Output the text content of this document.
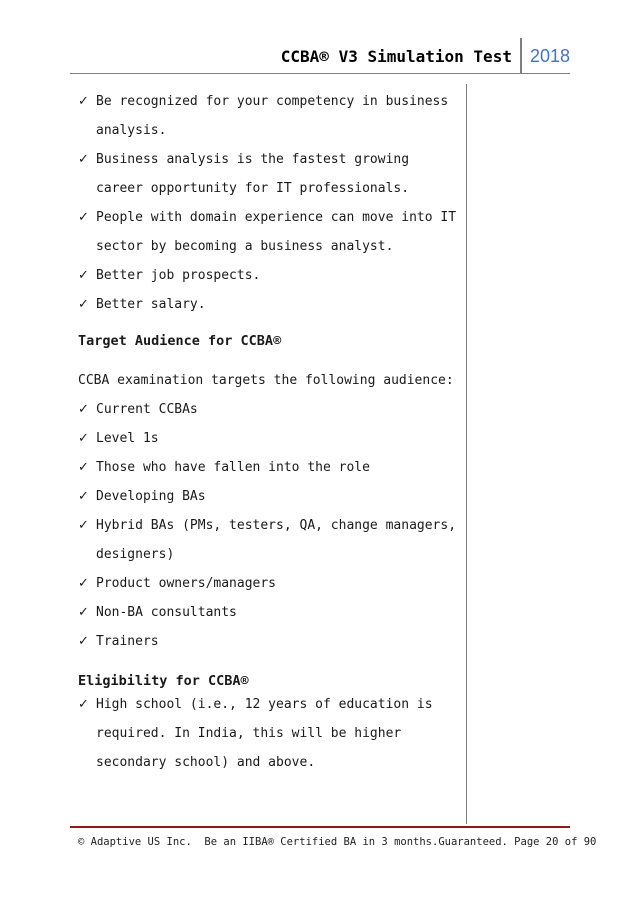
CCBA® V3 Simulation Test	2018
✓ Be recognized for your competency in business analysis.
✓ Business analysis is the fastest growing career opportunity for IT professionals.
✓ People with domain experience can move into IT sector by becoming a business analyst.
✓ Better job prospects.
✓ Better salary.
Target Audience for CCBA®
CCBA examination targets the following audience:
✓ Current CCBAs
✓ Level 1s
✓ Those who have fallen into the role
✓ Developing BAs
✓ Hybrid BAs (PMs, testers, QA, change managers, designers)
✓ Product owners/managers
✓ Non-BA consultants
✓ Trainers
Eligibility for CCBA®
✓ High school (i.e., 12 years of education is required. In India, this will be higher secondary school) and above.
© Adaptive US Inc.  Be an IIBA® Certified BA in 3 months.Guaranteed. Page 20 of 90
